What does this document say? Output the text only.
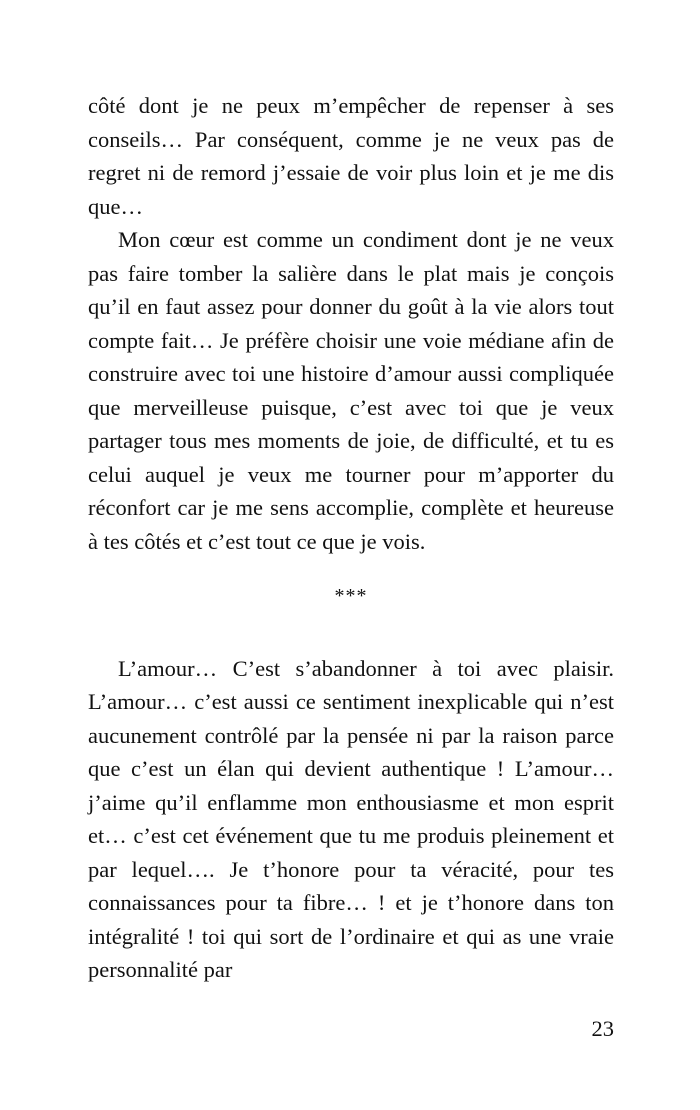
côté dont je ne peux m’empêcher de repenser à ses conseils… Par conséquent, comme je ne veux pas de regret ni de remord j’essaie de voir plus loin et je me dis que…

Mon cœur est comme un condiment dont je ne veux pas faire tomber la salière dans le plat mais je conçois qu’il en faut assez pour donner du goût à la vie alors tout compte fait… Je préfère choisir une voie médiane afin de construire avec toi une histoire d’amour aussi compliquée que merveilleuse puisque, c’est avec toi que je veux partager tous mes moments de joie, de difficulté, et tu es celui auquel je veux me tourner pour m’apporter du réconfort car je me sens accomplie, complète et heureuse à tes côtés et c’est tout ce que je vois.

***

L’amour… C’est s’abandonner à toi avec plaisir. L’amour… c’est aussi ce sentiment inexplicable qui n’est aucunement contrôlé par la pensée ni par la raison parce que c’est un élan qui devient authentique ! L’amour… j’aime qu’il enflamme mon enthousiasme et mon esprit et… c’est cet événement que tu me produis pleinement et par lequel…. Je t’honore pour ta véracité, pour tes connaissances pour ta fibre… ! et je t’honore dans ton intégralité ! toi qui sort de l’ordinaire et qui as une vraie personnalité par

23
